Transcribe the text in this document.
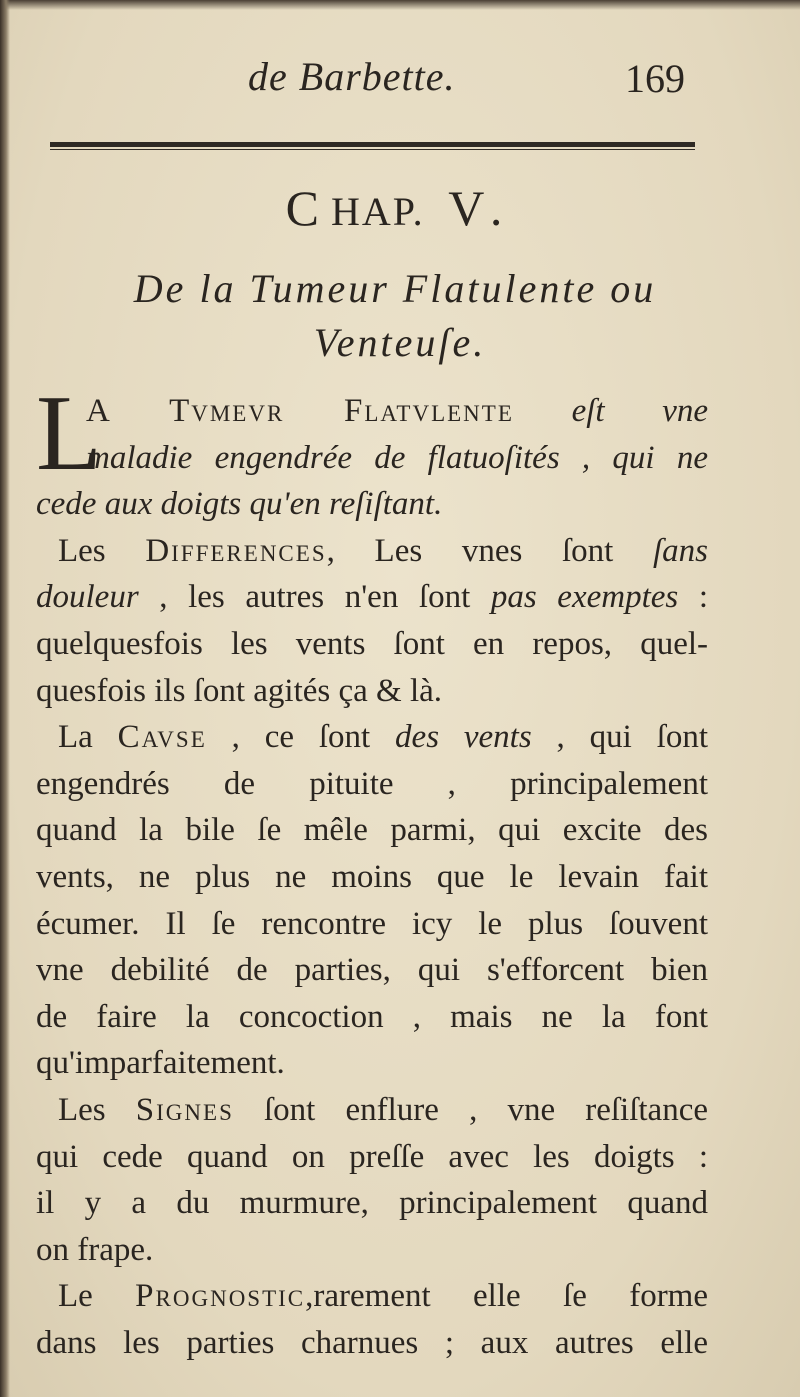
de Barbette.	169
CHAP. V.
De la Tumeur Flatulente ou
Venteuſe.
L
A Tvmevr Flatvlente eſt vne
maladie engendrée de flatuoſités , qui ne
cede aux doigts qu'en reſiſtant.
Les Differences, Les vnes ſont ſans
douleur , les autres n'en ſont pas exemptes :
quelquesfois les vents ſont en repos, quel-
quesfois ils ſont agités ça & là.
La Cavse , ce ſont des vents , qui ſont
engendrés de pituite , principalement
quand la bile ſe mêle parmi, qui excite des
vents, ne plus ne moins que le levain fait
écumer. Il ſe rencontre icy le plus ſouvent
vne debilité de parties, qui s'efforcent bien
de faire la concoction , mais ne la font
qu'imparfaitement.
Les Signes ſont enflure , vne reſiſtance
qui cede quand on preſſe avec les doigts :
il y a du murmure, principalement quand
on frape.
Le Prognostic,rarement elle ſe forme
dans les parties charnues ; aux autres elle
